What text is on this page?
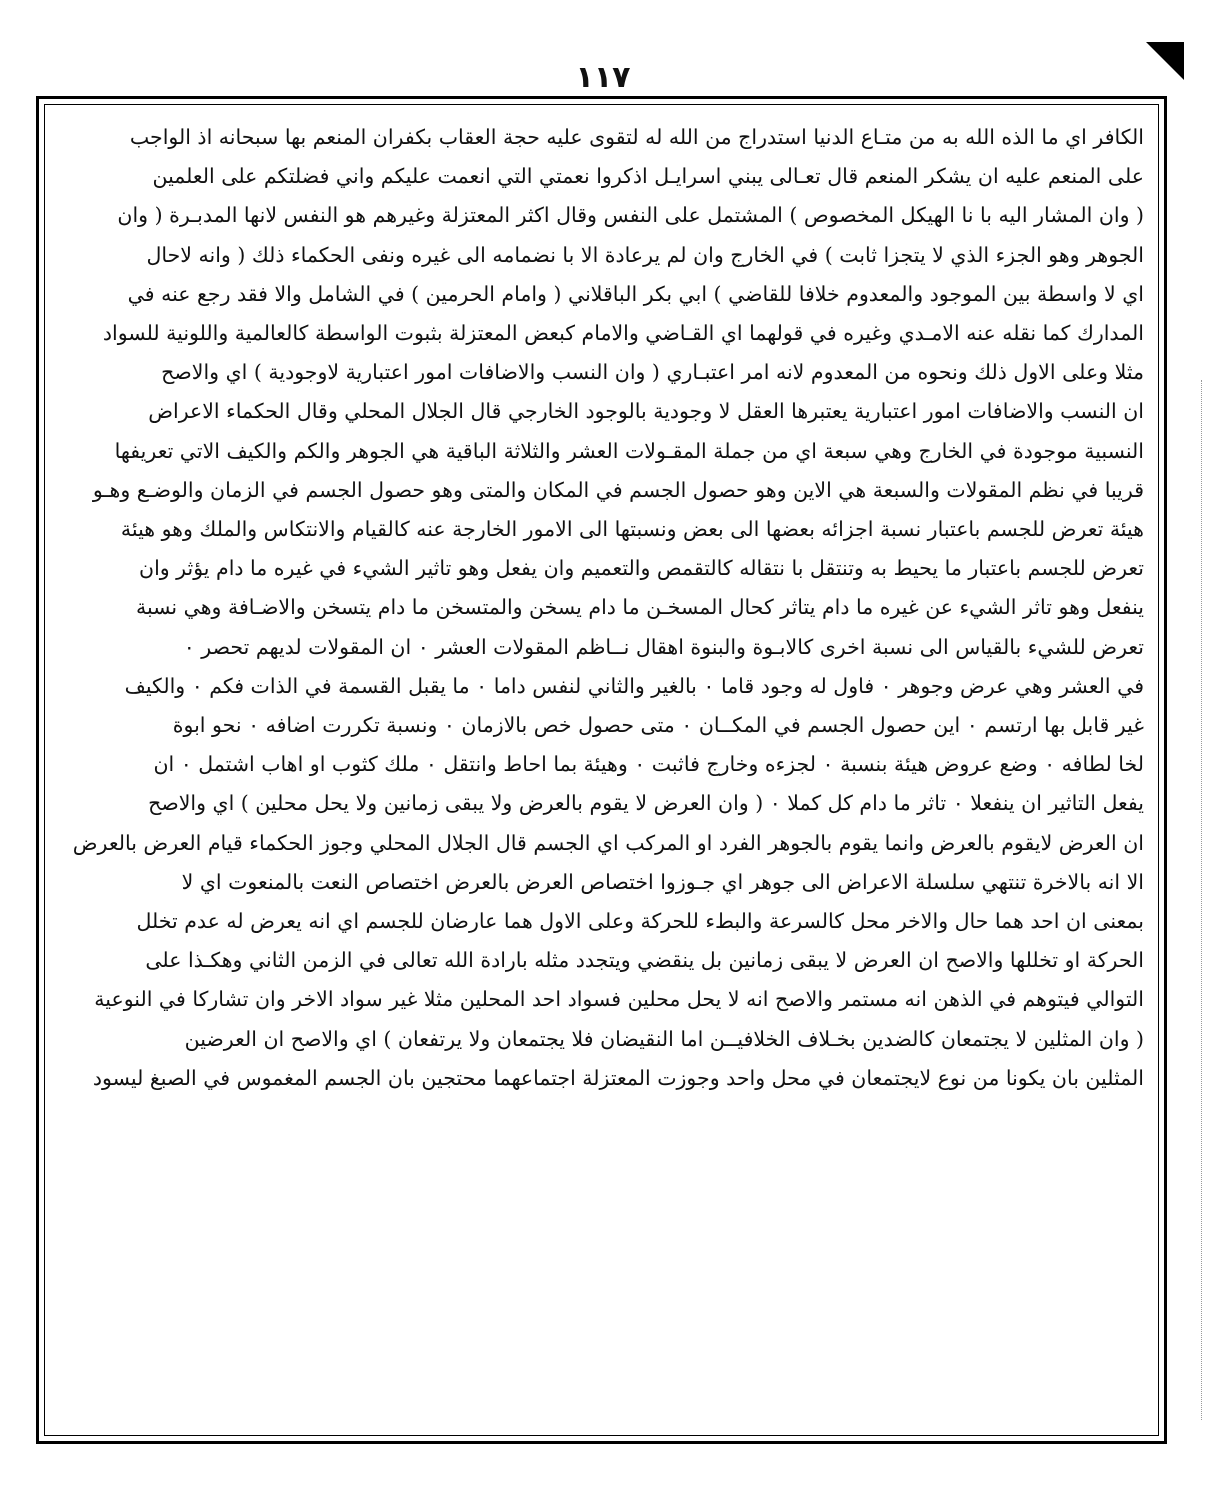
١١٧
الكافر اي ما الذه الله به من متـاع الدنيا استدراج من الله له لتقوى عليه حجة العقاب بكفران المنعم بها سبحانه اذ الواجب
على المنعم عليه ان يشكر المنعم قال تعـالى يبني اسرايـل اذكروا نعمتي التي انعمت عليكم واني فضلتكم على العلمين
( وان المشار اليه با نا الهيكل المخصوص ) المشتمل على النفس وقال اكثر المعتزلة وغيرهم هو النفس لانها المدبـرة ( وان
الجوهر وهو الجزء الذي لا يتجزا ثابت ) في الخارج وان لم يرعادة الا با نضمامه الى غيره ونفى الحكماء ذلك ( وانه لاحال
اي لا واسطة بين الموجود والمعدوم خلافا للقاضي ) ابي بكر الباقلاني ( وامام الحرمين ) في الشامل والا فقد رجع عنه في
المدارك كما نقله عنه الامـدي وغيره في قولهما اي القـاضي والامام كبعض المعتزلة بثبوت الواسطة كالعالمية واللونية للسواد
مثلا وعلى الاول ذلك ونحوه من المعدوم لانه امر اعتبـاري ( وان النسب والاضافات امور اعتبارية لاوجودية ) اي والاصح
ان النسب والاضافات امور اعتبارية يعتبرها العقل لا وجودية بالوجود الخارجي قال الجلال المحلي وقال الحكماء الاعراض
النسبية موجودة في الخارج وهي سبعة اي من جملة المقـولات العشر والثلاثة الباقية هي الجوهر والكم والكيف الاتي تعريفها
قريبا في نظم المقولات والسبعة هي الاين وهو حصول الجسم في المكان والمتى وهو حصول الجسم في الزمان والوضـع وهـو
هيئة تعرض للجسم باعتبار نسبة اجزائه بعضها الى بعض ونسبتها الى الامور الخارجة عنه كالقيام والانتكاس والملك وهو هيئة
تعرض للجسم باعتبار ما يحيط به وتنتقل با نتقاله كالتقمص والتعميم وان يفعل وهو تاثير الشيء في غيره ما دام يؤثر وان
ينفعل وهو تاثر الشيء عن غيره ما دام يتاثر كحال المسخـن ما دام يسخن والمتسخن ما دام يتسخن والاضـافة وهي نسبة
تعرض للشيء بالقياس الى نسبة اخرى كالابـوة والبنوة اهقال نــاظم المقولات العشر ٠ ان المقولات لديهم تحصر ٠
في العشر وهي عرض وجوهر ٠ فاول له وجود قاما ٠ بالغير والثاني لنفس داما ٠ ما يقبل القسمة في الذات فكم ٠ والكيف
غير قابل بها ارتسم ٠ اين حصول الجسم في المكــان ٠ متى حصول خص بالازمان ٠ ونسبة تكررت اضافه ٠ نحو ابوة
لخا لطافه ٠ وضع عروض هيئة بنسبة ٠ لجزءه وخارج فاثبت ٠ وهيئة بما احاط وانتقل ٠ ملك كثوب او اهاب اشتمل ٠ ان
يفعل التاثير ان ينفعلا ٠ تاثر ما دام كل كملا ٠ ( وان العرض لا يقوم بالعرض ولا يبقى زمانين ولا يحل محلين ) اي والاصح
ان العرض لايقوم بالعرض وانما يقوم بالجوهر الفرد او المركب اي الجسم قال الجلال المحلي وجوز الحكماء قيام العرض بالعرض
الا انه بالاخرة تنتهي سلسلة الاعراض الى جوهر اي جـوزوا اختصاص العرض بالعرض اختصاص النعت بالمنعوت اي لا
بمعنى ان احد هما حال والاخر محل كالسرعة والبطء للحركة وعلى الاول هما عارضان للجسم اي انه يعرض له عدم تخلل
الحركة او تخللها والاصح ان العرض لا يبقى زمانين بل ينقضي ويتجدد مثله بارادة الله تعالى في الزمن الثاني وهكـذا على
التوالي فيتوهم في الذهن انه مستمر والاصح انه لا يحل محلين فسواد احد المحلين مثلا غير سواد الاخر وان تشاركا في النوعية
( وان المثلين لا يجتمعان كالضدين بخـلاف الخلافيــن اما النقيضان فلا يجتمعان ولا يرتفعان ) اي والاصح ان العرضين
المثلين بان يكونا من نوع لايجتمعان في محل واحد وجوزت المعتزلة اجتماعهما محتجين بان الجسم المغموس في الصبغ ليسود
